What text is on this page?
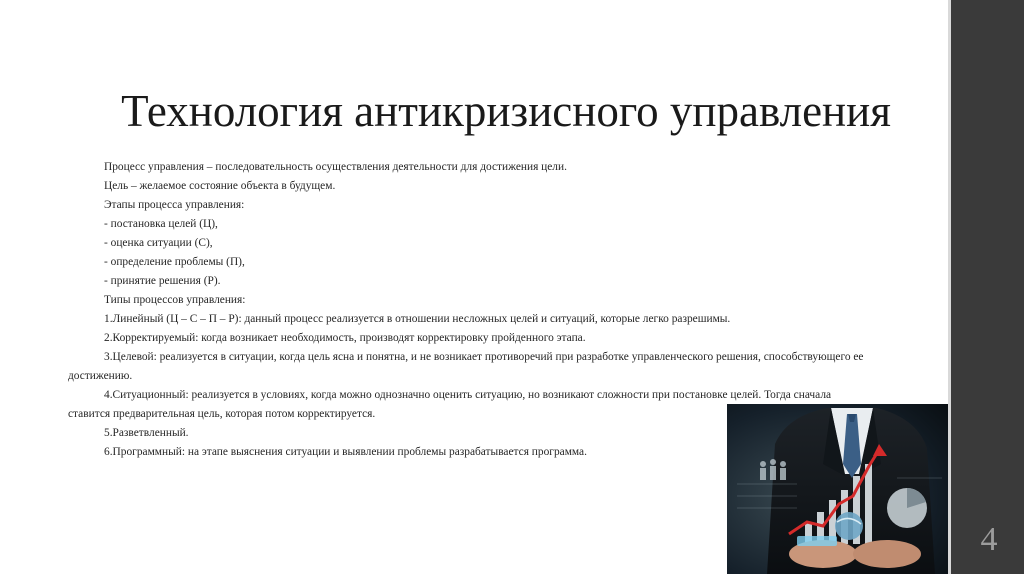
Технология антикризисного управления
Процесс управления – последовательность осуществления деятельности для достижения цели.
Цель – желаемое состояние объекта в будущем.
Этапы процесса управления:
- постановка целей (Ц),
- оценка ситуации (С),
- определение проблемы (П),
- принятие решения (Р).
Типы процессов управления:
1.Линейный (Ц – С – П – Р): данный процесс реализуется в отношении несложных целей и ситуаций, которые легко разрешимы.
2.Корректируемый: когда возникает необходимость, производят корректировку пройденного этапа.
3.Целевой: реализуется в ситуации, когда цель ясна и понятна, и не возникает противоречий при разработке управленческого решения, способствующего ее достижению.
4.Ситуационный: реализуется в условиях, когда можно однозначно оценить ситуацию, но возникают сложности при постановке целей. Тогда сначала ставится предварительная цель, которая потом корректируется.
5.Разветвленный.
6.Программный: на этапе выяснения ситуации и выявлении проблемы разрабатывается программа.
4
